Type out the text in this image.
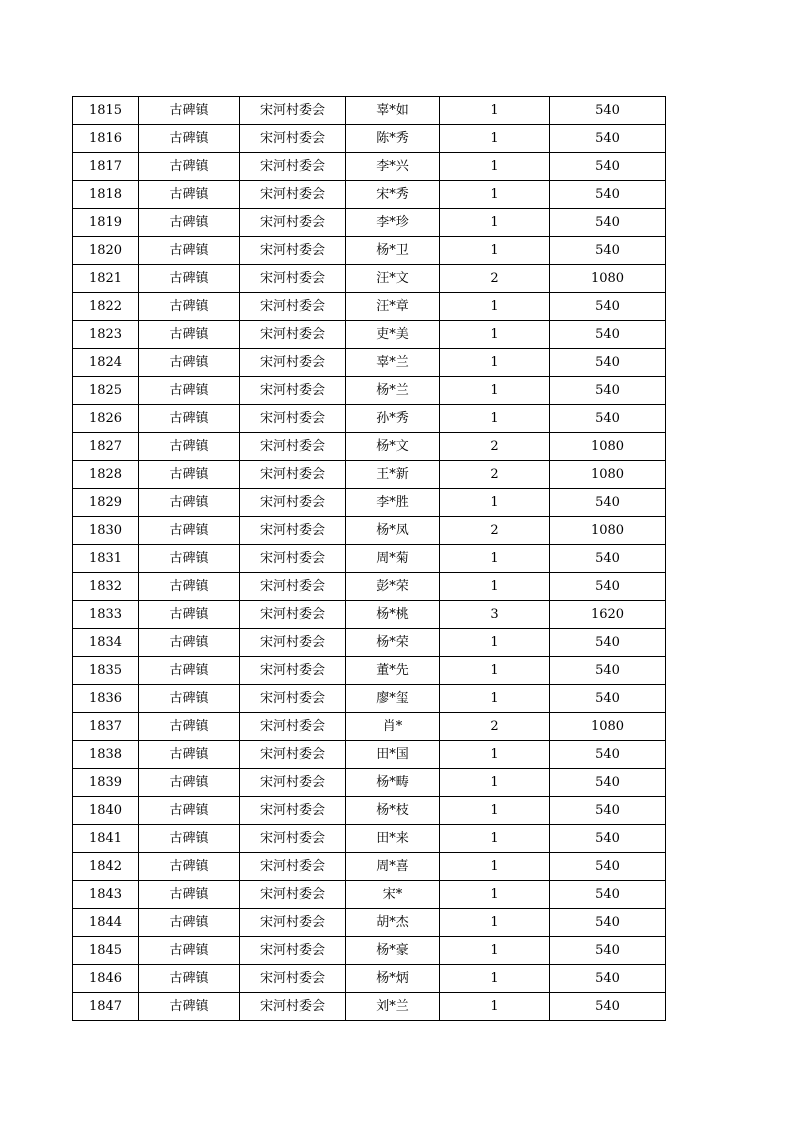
1815	古碑镇	宋河村委会	辜*如	1	540
1816	古碑镇	宋河村委会	陈*秀	1	540
1817	古碑镇	宋河村委会	李*兴	1	540
1818	古碑镇	宋河村委会	宋*秀	1	540
1819	古碑镇	宋河村委会	李*珍	1	540
1820	古碑镇	宋河村委会	杨*卫	1	540
1821	古碑镇	宋河村委会	汪*文	2	1080
1822	古碑镇	宋河村委会	汪*章	1	540
1823	古碑镇	宋河村委会	吏*美	1	540
1824	古碑镇	宋河村委会	辜*兰	1	540
1825	古碑镇	宋河村委会	杨*兰	1	540
1826	古碑镇	宋河村委会	孙*秀	1	540
1827	古碑镇	宋河村委会	杨*文	2	1080
1828	古碑镇	宋河村委会	王*新	2	1080
1829	古碑镇	宋河村委会	李*胜	1	540
1830	古碑镇	宋河村委会	杨*凤	2	1080
1831	古碑镇	宋河村委会	周*菊	1	540
1832	古碑镇	宋河村委会	彭*荣	1	540
1833	古碑镇	宋河村委会	杨*桃	3	1620
1834	古碑镇	宋河村委会	杨*荣	1	540
1835	古碑镇	宋河村委会	董*先	1	540
1836	古碑镇	宋河村委会	廖*玺	1	540
1837	古碑镇	宋河村委会	肖*	2	1080
1838	古碑镇	宋河村委会	田*国	1	540
1839	古碑镇	宋河村委会	杨*畴	1	540
1840	古碑镇	宋河村委会	杨*枝	1	540
1841	古碑镇	宋河村委会	田*来	1	540
1842	古碑镇	宋河村委会	周*喜	1	540
1843	古碑镇	宋河村委会	宋*	1	540
1844	古碑镇	宋河村委会	胡*杰	1	540
1845	古碑镇	宋河村委会	杨*豪	1	540
1846	古碑镇	宋河村委会	杨*炳	1	540
1847	古碑镇	宋河村委会	刘*兰	1	540
